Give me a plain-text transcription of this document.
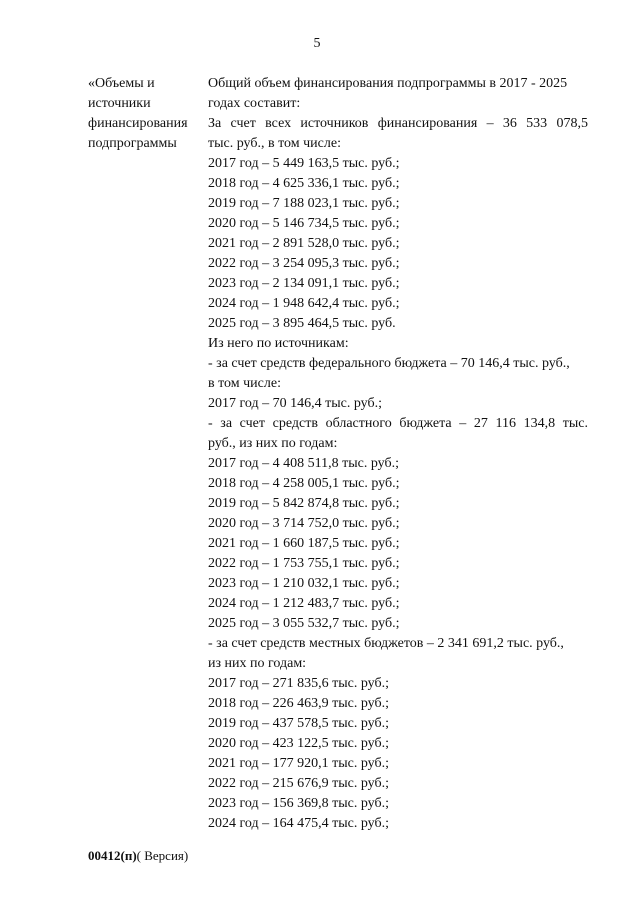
5
«Объемы и
источники
финансирования
подпрограммы
Общий объем финансирования подпрограммы в 2017 - 2025
годах составит:
За счет всех источников финансирования – 36 533 078,5
тыс. руб., в том числе:
2017 год – 5 449 163,5 тыс. руб.;
2018 год – 4 625 336,1 тыс. руб.;
2019 год – 7 188 023,1 тыс. руб.;
2020 год – 5 146 734,5 тыс. руб.;
2021 год – 2 891 528,0 тыс. руб.;
2022 год – 3 254 095,3 тыс. руб.;
2023 год – 2 134 091,1 тыс. руб.;
2024 год – 1 948 642,4 тыс. руб.;
2025 год – 3 895 464,5 тыс. руб.
Из него по источникам:
- за счет средств федерального бюджета – 70 146,4 тыс. руб.,
в том числе:
2017 год – 70 146,4 тыс. руб.;
- за счет средств областного бюджета – 27 116 134,8 тыс.
руб., из них по годам:
2017 год – 4 408 511,8 тыс. руб.;
2018 год – 4 258 005,1 тыс. руб.;
2019 год – 5 842 874,8 тыс. руб.;
2020 год – 3 714 752,0 тыс. руб.;
2021 год – 1 660 187,5 тыс. руб.;
2022 год – 1 753 755,1 тыс. руб.;
2023 год – 1 210 032,1 тыс. руб.;
2024 год – 1 212 483,7 тыс. руб.;
2025 год – 3 055 532,7 тыс. руб.;
- за счет средств местных бюджетов – 2 341 691,2 тыс. руб.,
из них по годам:
2017 год – 271 835,6 тыс. руб.;
2018 год – 226 463,9 тыс. руб.;
2019 год – 437 578,5 тыс. руб.;
2020 год – 423 122,5 тыс. руб.;
2021 год – 177 920,1 тыс. руб.;
2022 год – 215 676,9 тыс. руб.;
2023 год – 156 369,8 тыс. руб.;
2024 год – 164 475,4 тыс. руб.;
00412(п)( Версия)
